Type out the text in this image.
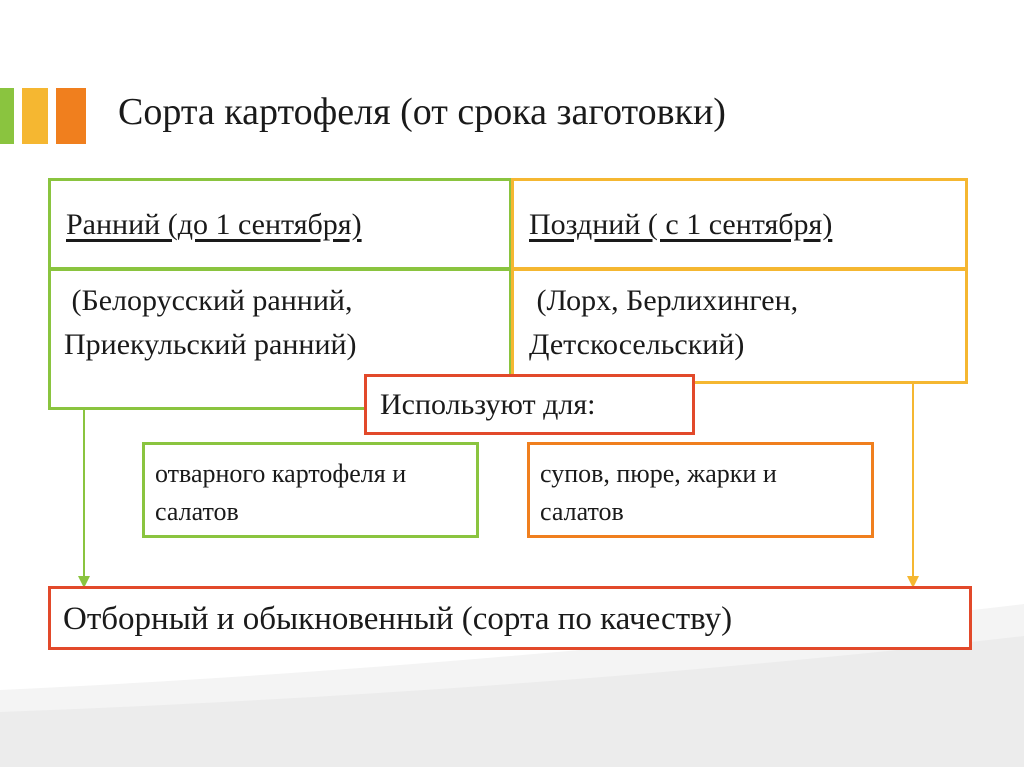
Сорта картофеля (от срока заготовки)
(Белорусский ранний,
Приекульский ранний)
Ранний (до 1 сентября)
(Лорх, Берлихинген,
Детскосельский)
Поздний ( с 1 сентября)
Используют для:
отварного картофеля и салатов
супов, пюре, жарки и салатов
Отборный и обыкновенный (сорта по качеству)
